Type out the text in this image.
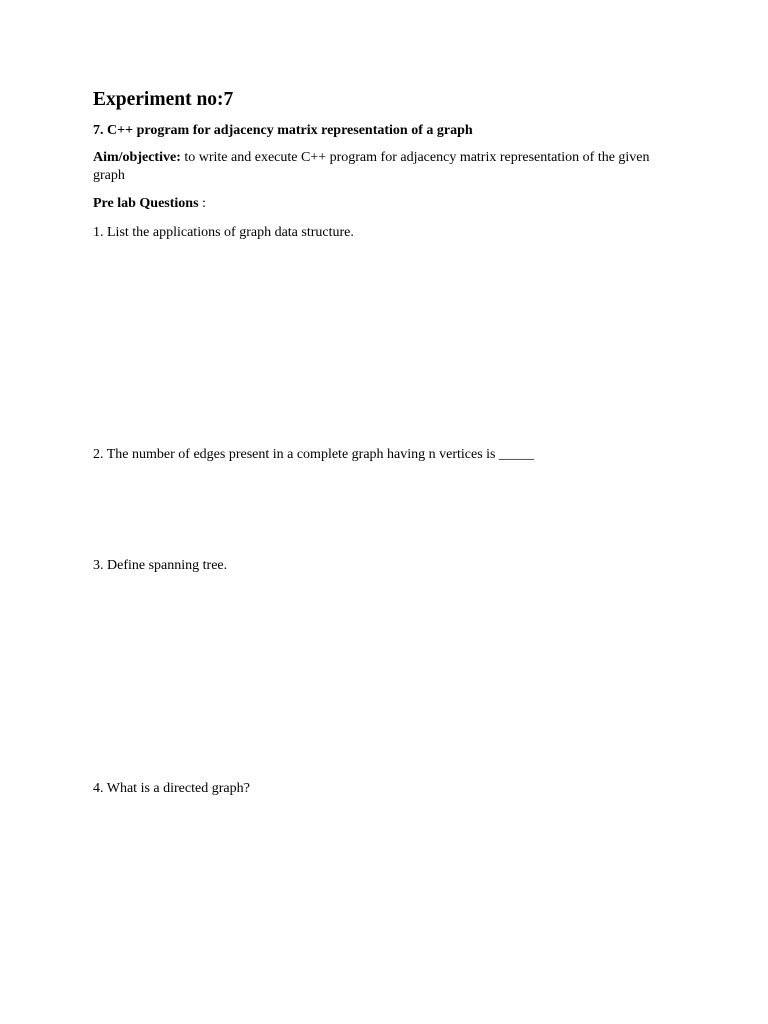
Experiment no:7
7. C++ program for adjacency matrix representation of a graph
Aim/objective: to write and execute C++ program for adjacency matrix representation of the given graph
Pre lab Questions :
1. List the applications of graph data structure.
2. The number of edges present in a complete graph having n vertices is _____
3. Define spanning tree.
4. What is a directed graph?
